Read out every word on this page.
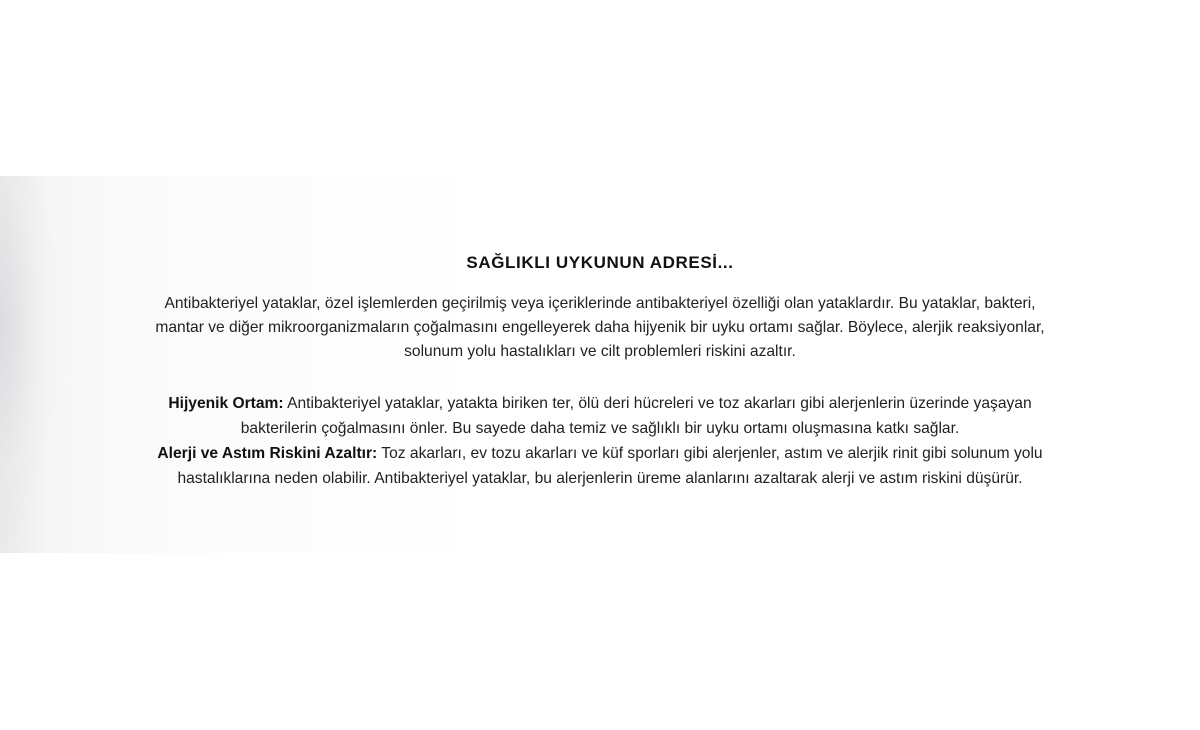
SAĞLIKLI UYKUNUN ADRESİ...

Antibakteriyel yataklar, özel işlemlerden geçirilmiş veya içeriklerinde antibakteriyel özelliği olan yataklardır. Bu yataklar, bakteri,
mantar ve diğer mikroorganizmaların çoğalmasını engelleyerek daha hijyenik bir uyku ortamı sağlar. Böylece, alerjik reaksiyonlar,
solunum yolu hastalıkları ve cilt problemleri riskini azaltır.

Hijyenik Ortam: Antibakteriyel yataklar, yatakta biriken ter, ölü deri hücreleri ve toz akarları gibi alerjenlerin üzerinde yaşayan
bakterilerin çoğalmasını önler. Bu sayede daha temiz ve sağlıklı bir uyku ortamı oluşmasına katkı sağlar.
Alerji ve Astım Riskini Azaltır: Toz akarları, ev tozu akarları ve küf sporları gibi alerjenler, astım ve alerjik rinit gibi solunum yolu
hastalıklarına neden olabilir. Antibakteriyel yataklar, bu alerjenlerin üreme alanlarını azaltarak alerji ve astım riskini düşürür.
